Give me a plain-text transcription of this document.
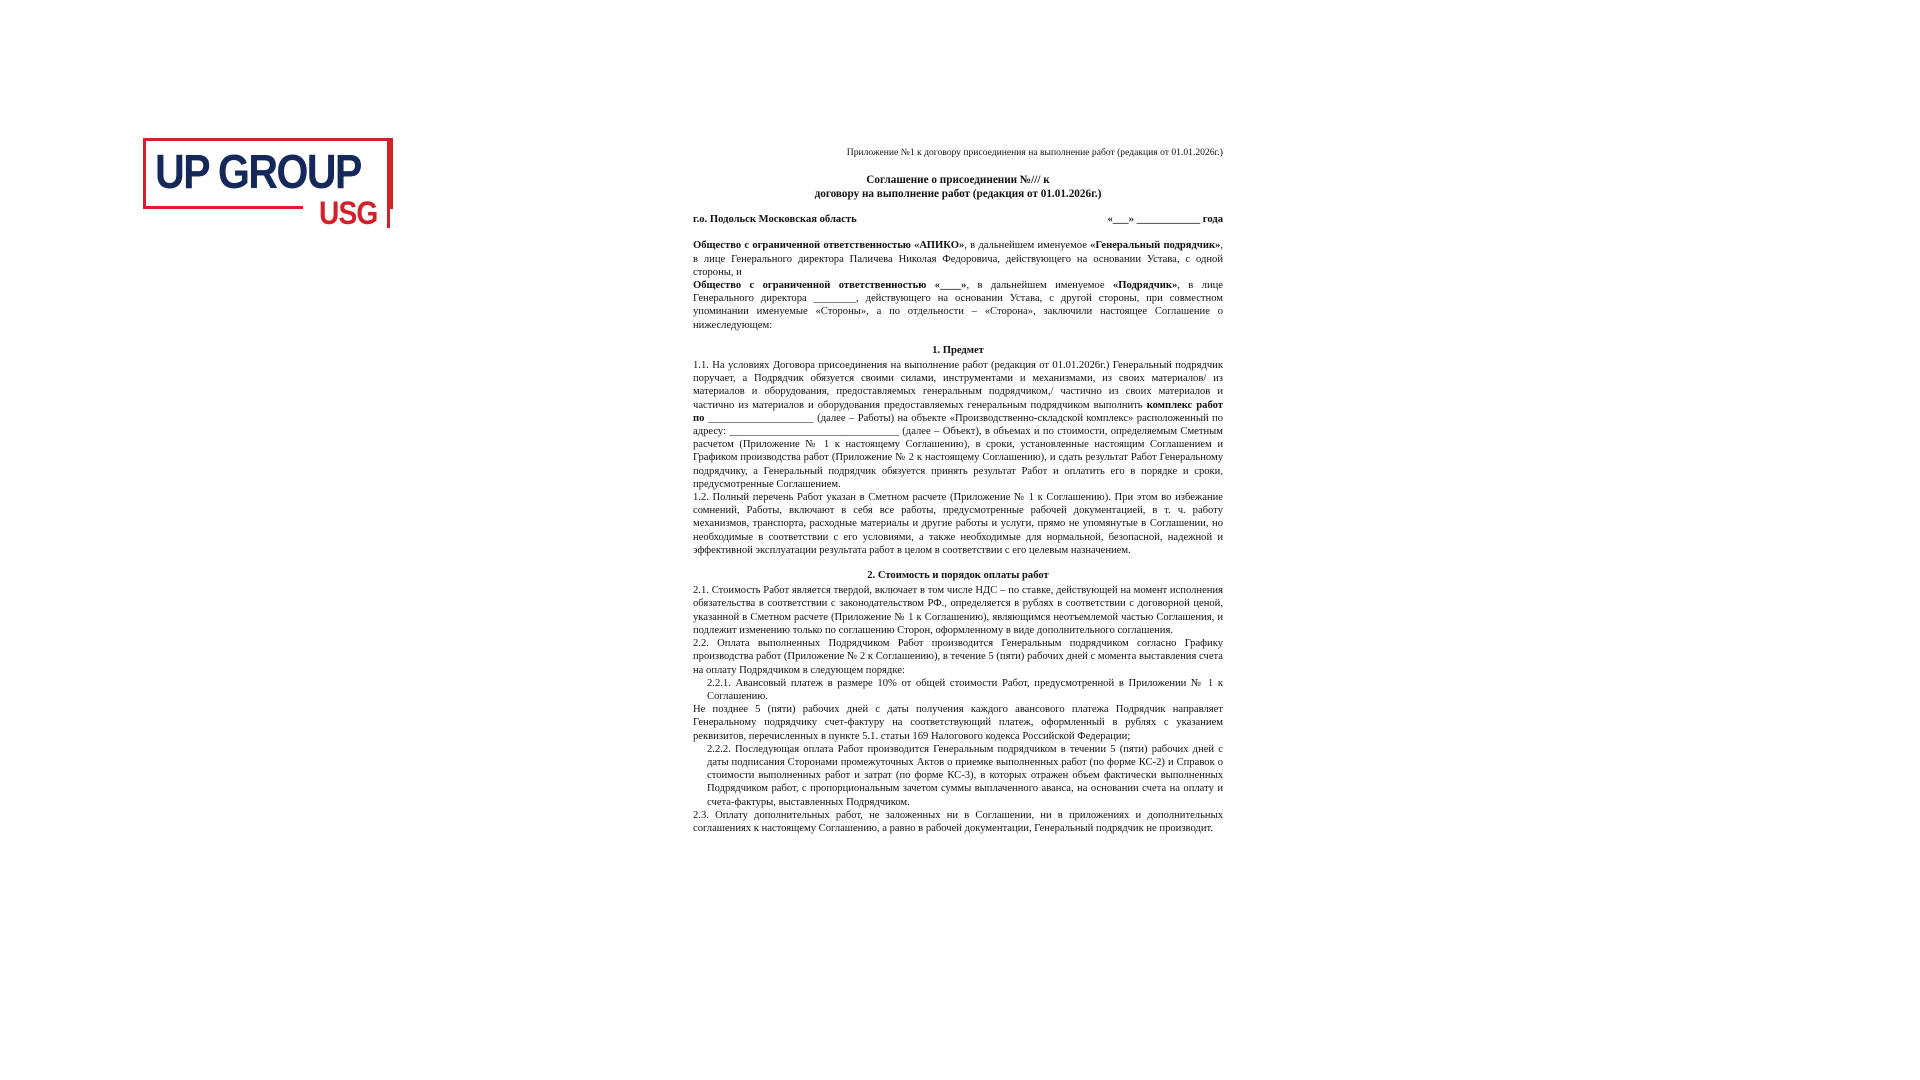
UP GROUP
USG
Приложение №1 к договору присоединения на выполнение работ (редакция от 01.01.2026г.)
Соглашение о присоединении №/// к
договору на выполнение работ (редакция от 01.01.2026г.)
г.о. Подольск Московская область	«___» ____________ года

Общество с ограниченной ответственностью «АПИКО», в дальнейшем именуемое «Генеральный подрядчик», в лице Генерального директора Паличева Николая Федоровича, действующего на основании Устава, с одной стороны, и

Общество с ограниченной ответственностью «____», в дальнейшем именуемое «Подрядчик», в лице Генерального директора ________, действующего на основании Устава, с другой стороны, при совместном упоминании именуемые «Стороны», а по отдельности – «Сторона», заключили настоящее Соглашение о нижеследующем:

1. Предмет

1.1. На условиях Договора присоединения на выполнение работ (редакция от 01.01.2026г.) Генеральный подрядчик поручает, а Подрядчик обязуется своими силами, инструментами и механизмами, из своих материалов/ из материалов и оборудования, предоставляемых генеральным подрядчиком,/ частично из своих материалов и частично из материалов и оборудования предоставляемых генеральным подрядчиком выполнить комплекс работ по ____________________ (далее – Работы) на объекте «Производственно-складской комплекс» расположенный по адресу: ________________________________ (далее – Объект), в объемах и по стоимости, определяемым Сметным расчетом (Приложение № 1 к настоящему Соглашению), в сроки, установленные настоящим Соглашением и Графиком производства работ (Приложение № 2 к настоящему Соглашению), и сдать результат Работ Генеральному подрядчику, а Генеральный подрядчик обязуется принять результат Работ и оплатить его в порядке и сроки, предусмотренные Соглашением.

1.2. Полный перечень Работ указан в Сметном расчете (Приложение № 1 к Соглашению). При этом во избежание сомнений, Работы, включают в себя все работы, предусмотренные рабочей документацией, в т. ч. работу механизмов, транспорта, расходные материалы и другие работы и услуги, прямо не упомянутые в Соглашении, но необходимые в соответствии с его условиями, а также необходимые для нормальной, безопасной, надежной и эффективной эксплуатации результата работ в целом в соответствии с его целевым назначением.

2. Стоимость и порядок оплаты работ

2.1. Стоимость Работ является твердой, включает в том числе НДС – по ставке, действующей на момент исполнения обязательства в соответствии с законодательством РФ., определяется в рублях в соответствии с договорной ценой, указанной в Сметном расчете (Приложение № 1 к Соглашению), являющимся неотъемлемой частью Соглашения, и подлежит изменению только по соглашению Сторон, оформленному в виде дополнительного соглашения.

2.2. Оплата выполненных Подрядчиком Работ производится Генеральным подрядчиком согласно Графику производства работ (Приложение № 2 к Соглашению), в течение 5 (пяти) рабочих дней с момента выставления счета на оплату Подрядчиком в следующем порядке:

2.2.1. Авансовый платеж в размере 10% от общей стоимости Работ, предусмотренной в Приложении № 1 к Соглашению.

Не позднее 5 (пяти) рабочих дней с даты получения каждого авансового платежа Подрядчик направляет Генеральному подрядчику счет-фактуру на соответствующий платеж, оформленный в рублях с указанием реквизитов, перечисленных в пункте 5.1. статьи 169 Налогового кодекса Российской Федерации;

2.2.2. Последующая оплата Работ производится Генеральным подрядчиком в течении 5 (пяти) рабочих дней с даты подписания Сторонами промежуточных Актов о приемке выполненных работ (по форме КС-2) и Справок о стоимости выполненных работ и затрат (по форме КС-3), в которых отражен объем фактически выполненных Подрядчиком работ, с пропорциональным зачетом суммы выплаченного аванса, на основании счета на оплату и счета-фактуры, выставленных Подрядчиком.

2.3. Оплату дополнительных работ, не заложенных ни в Соглашении, ни в приложениях и дополнительных соглашениях к настоящему Соглашению, а равно в рабочей документации, Генеральный подрядчик не производит.
